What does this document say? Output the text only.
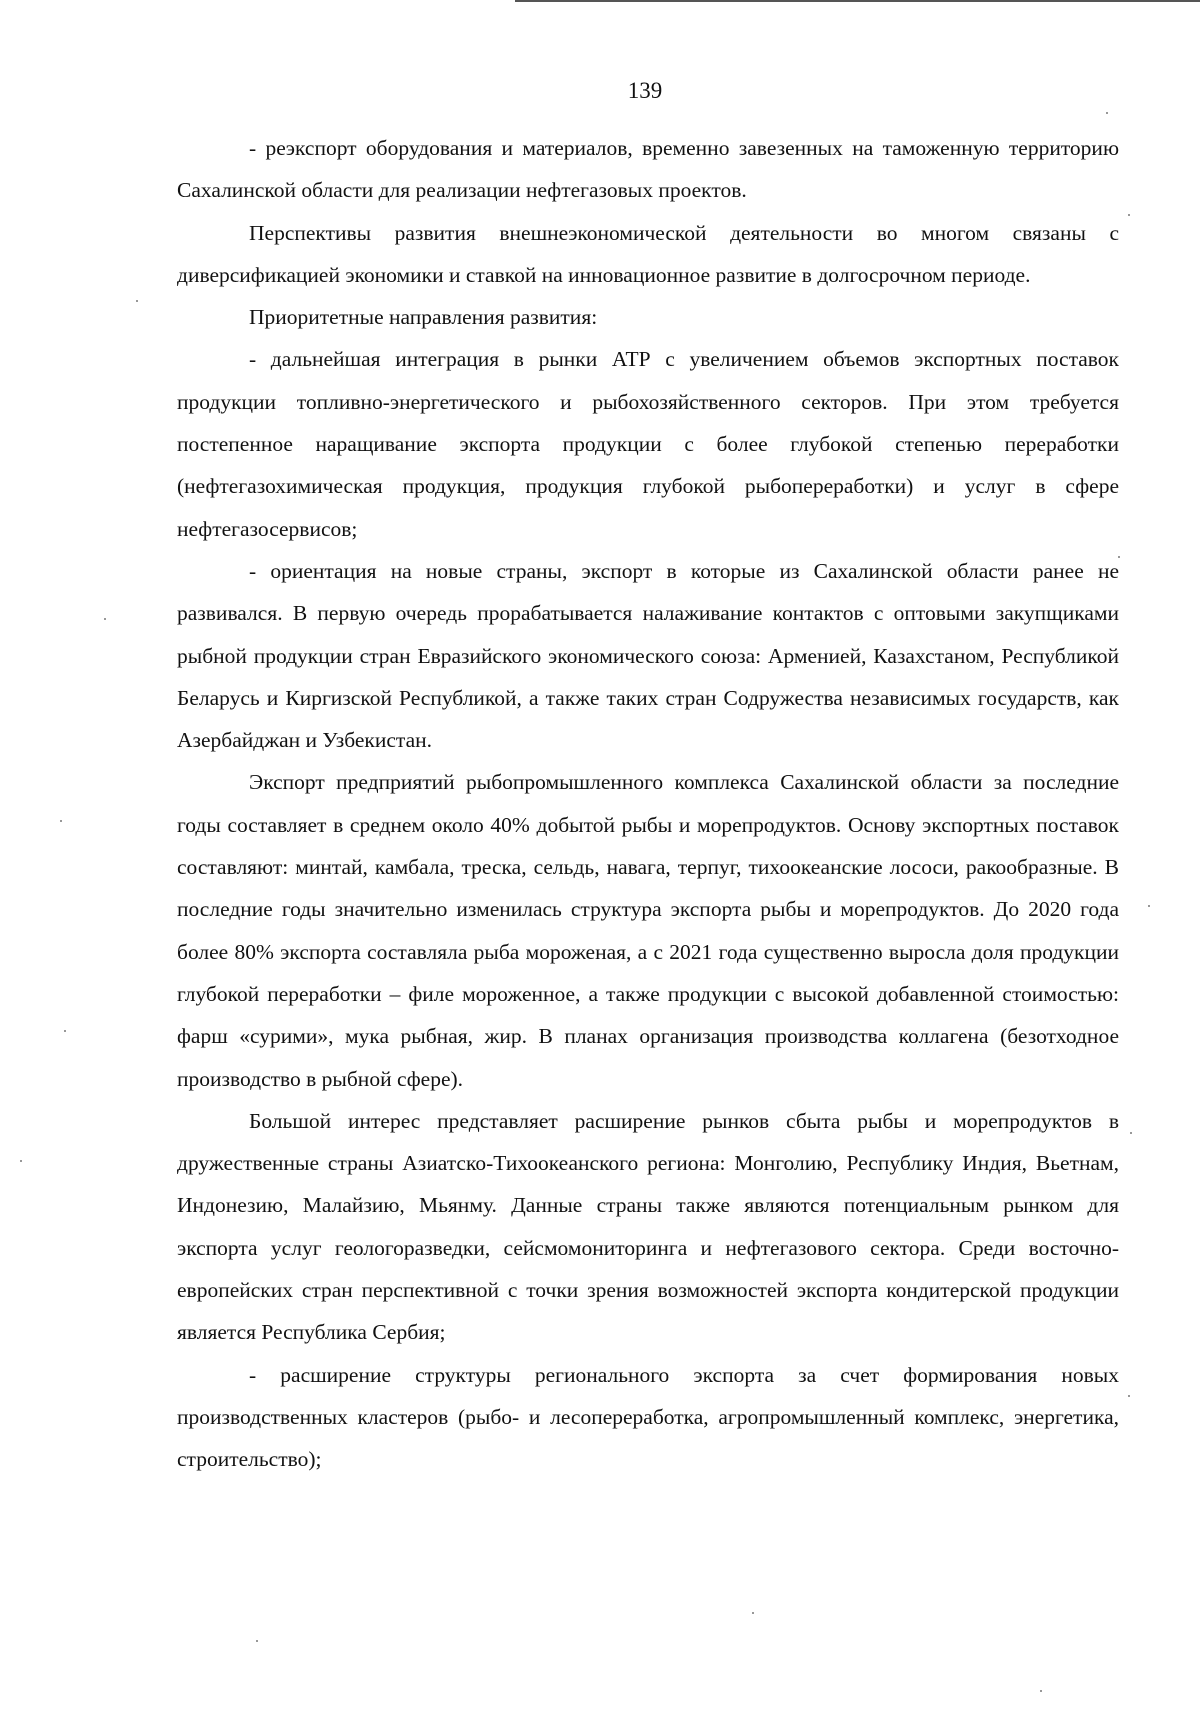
139

- реэкспорт оборудования и материалов, временно завезенных на таможенную территорию Сахалинской области для реализации нефтегазовых проектов.

Перспективы развития внешнеэкономической деятельности во многом связаны с диверсификацией экономики и ставкой на инновационное развитие в долгосрочном периоде.

Приоритетные направления развития:

- дальнейшая интеграция в рынки АТР с увеличением объемов экспортных поставок продукции топливно-энергетического и рыбохозяйственного секторов. При этом требуется постепенное наращивание экспорта продукции с более глубокой степенью переработки (нефтегазохимическая продукция, продукция глубокой рыбопереработки) и услуг в сфере нефтегазосервисов;

- ориентация на новые страны, экспорт в которые из Сахалинской области ранее не развивался. В первую очередь прорабатывается налаживание контактов с оптовыми закупщиками рыбной продукции стран Евразийского экономического союза: Арменией, Казахстаном, Республикой Беларусь и Киргизской Республикой, а также таких стран Содружества независимых государств, как Азербайджан и Узбекистан.

Экспорт предприятий рыбопромышленного комплекса Сахалинской области за последние годы составляет в среднем около 40% добытой рыбы и морепродуктов. Основу экспортных поставок составляют: минтай, камбала, треска, сельдь, навага, терпуг, тихоокеанские лососи, ракообразные. В последние годы значительно изменилась структура экспорта рыбы и морепродуктов. До 2020 года более 80% экспорта составляла рыба мороженая, а с 2021 года существенно выросла доля продукции глубокой переработки – филе мороженное, а также продукции с высокой добавленной стоимостью: фарш «сурими», мука рыбная, жир. В планах организация производства коллагена (безотходное производство в рыбной сфере).

Большой интерес представляет расширение рынков сбыта рыбы и морепродуктов в дружественные страны Азиатско-Тихоокеанского региона: Монголию, Республику Индия, Вьетнам, Индонезию, Малайзию, Мьянму. Данные страны также являются потенциальным рынком для экспорта услуг геологоразведки, сейсмомониторинга и нефтегазового сектора. Среди восточно-европейских стран перспективной с точки зрения возможностей экспорта кондитерской продукции является Республика Сербия;

- расширение структуры регионального экспорта за счет формирования новых производственных кластеров (рыбо- и лесопереработка, агропромышленный комплекс, энергетика, строительство);
